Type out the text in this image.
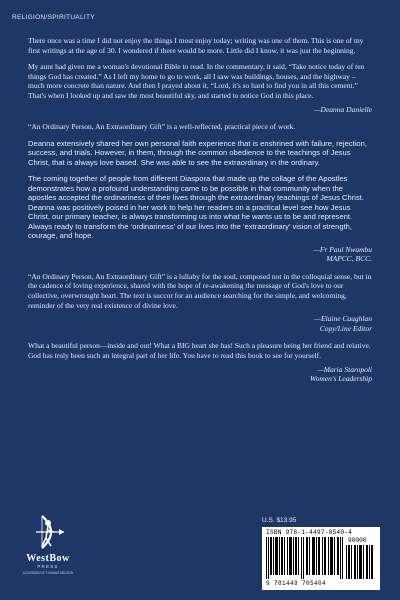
RELIGION/SPIRITUALITY

There once was a time I did not enjoy the things I most enjoy today; writing was one of them. This is one of my first writings at the age of 30. I wondered if there would be more. Little did I know, it was just the beginning.

My aunt had given me a woman's devotional Bible to read. In the commentary, it said, “Take notice today of ten things God has created.” As I left my home to go to work, all I saw was buildings, houses, and the highway – much more concrete than nature. And then I prayed about it, “Lord, it's so hard to find you in all this cement.” That's when I looked up and saw the most beautiful sky, and started to notice God in this place.

—Deanna Danielle

“An Ordinary Person, An Extraordinary Gift” is a well-reflected, practical piece of work.

Deanna extensively shared her own personal faith experience that is enshrined with failure, rejection, success, and trials. However, in them, through the common obedience to the teachings of Jesus Christ, that is always love based. She was able to see the extraordinary in the ordinary.

The coming together of people from different Diaspora that made up the collage of the Apostles demonstrates how a profound understanding came to be possible in that community when the apostles accepted the ordinariness of their lives through the extraordinary teachings of Jesus Christ. Deanna was positively poised in her work to help her readers on a practical level see how Jesus Christ, our primary teacher, is always transforming us into what he wants us to be and represent. Always ready to transform the ‘ordinariness’ of our lives into the ‘extraordinary’ vision of strength, courage, and hope.

—Fr Paul Nwambu
MAPCC, BCC.

“An Ordinary Person, An Extraordinary Gift” is a lullaby for the soul, composed not in the colloquial sense, but in the cadence of loving experience, shared with the hope of re-awakening the message of God's love to our collective, overwrought heart. The text is succor for an audience searching for the simple, and welcoming, reminder of the very real existence of divine love.

—Elaine Caughlan
Copy/Line Editor

What a beautiful person—inside and out! What a BIG heart she has! Such a pleasure being her friend and relative. God has truly been such an integral part of her life. You have to read this book to see for yourself.

—Maria Staropoli
Women's Leadership

WestBow
PRESS
A DIVISION OF THOMAS NELSON
U.S. $13.95
ISBN 978-1-4497-0540-4
90000
9 781449 705404
